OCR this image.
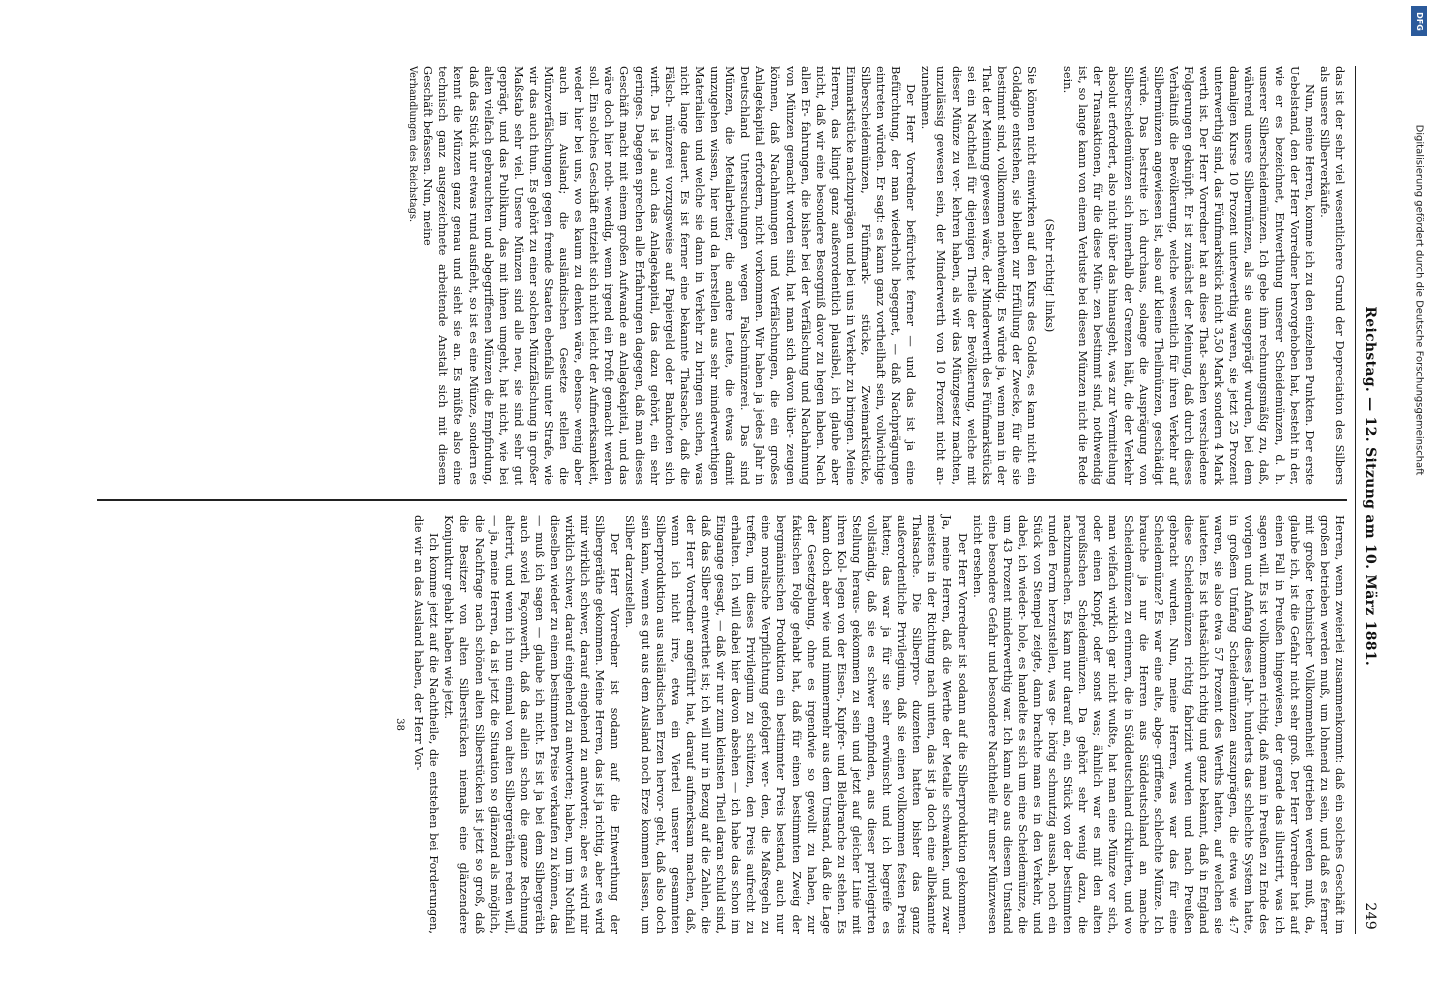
Reichstag. — 12. Sitzung am 10. März 1881.
249

das ist der sehr viel wesentlichere Grund der Depreciation des Silbers als unsere Silberverkäufe.

Nun, meine Herren, komme ich zu den einzelnen Punkten. Der erste Uebelstand, den der Herr Vorredner hervorgehoben hat, besteht in der, wie er es bezeichnet, Entwerthung unserer Scheidemünzen, d. h. unserer Silberscheidemünzen. Ich gebe ihm rechnungsmäßig zu, daß, während unsere Silbermünzen, als sie ausgeprägt wurden, bei dem damaligen Kurse 10 Prozent unterwerthig waren, sie jetzt 25 Prozent unterwerthig sind, das Fünfmarkstück nicht 3,50 Mark sondern 4 Mark werth ist. Der Herr Vorredner hat an diese That- sachen verschiedene Folgerungen geknüpft. Er ist zunächst der Meinung, daß durch dieses Verhältniß die Bevölkerung, welche wesentlich für ihren Verkehr auf Silbermünzen angewiesen ist, also auf kleine Theilmünzen, geschädigt würde. Das bestreite ich durchaus, solange die Ausprägung von Silberscheidemünzen sich innerhalb der Grenzen hält, die der Verkehr absolut erfordert, also nicht über das hinausgeht, was zur Vermittelung der Transaktionen, für die diese Mün- zen bestimmt sind, nothwendig ist, so lange kann von einem Verluste bei diesen Münzen nicht die Rede sein.

(Sehr richtig! links)

Sie können nicht einwirken auf den Kurs des Goldes, es kann nicht ein Goldagio entstehen, sie bleiben zur Erfüllung der Zwecke, für die sie bestimmt sind, vollkommen nothwendig. Es würde ja, wenn man in der That der Meinung gewesen wäre, der Minderwerth des Fünfmarkstücks sei ein Nachtheil für diejenigen Theile der Bevölkerung, welche mit dieser Münze zu ver- kehren haben, als wir das Münzgesetz machten, unzulässig gewesen sein, der Minderwerth von 10 Prozent nicht an- zunehmen.

Der Herr Vorredner befürchtet ferner — und das ist ja eine Befürchtung, der man wiederholt begegnet, — daß Nachprägungen eintreten würden. Er sagt: es kann ganz vortheilhaft sein, vollwichtige Silberscheidemünzen, Fünfmark- stücke, Zweimarkstücke, Einmarkstücke nachzuprägen und bei uns in Verkehr zu bringen. Meine Herren, das klingt ganz außerordentlich plausibel, ich glaube aber nicht, daß wir eine besondere Besorgniß davor zu hegen haben. Nach allen Er- fahrungen, die bisher bei der Verfälschung und Nachahmung von Münzen gemacht worden sind, hat man sich davon über- zeugen können, daß Nachahmungen und Verfälschungen, die ein großes Anlagekapital erfordern, nicht vorkommen. Wir haben ja jedes Jahr in Deutschland Untersuchungen wegen Falschmünzerei. Das sind Münzen, die Metallarbeiter, die andere Leute, die etwas damit umzugehen wissen, hier und da herstellen aus sehr minderwerthigen Materialien und welche sie dann in Verkehr zu bringen suchen, was nicht lange dauert. Es ist ferner eine bekannte Thatsache, daß die Fälsch- münzerei vorzugsweise auf Papiergeld oder Banknoten sich wirft. Da ist ja auch das Anlagekapital, das dazu gehört, ein sehr geringes. Dagegen sprechen alle Erfahrungen dagegen, daß man dieses Geschäft macht mit einem großen Aufwande an Anlagekapital, und das wäre doch hier noth- wendig, wenn irgend ein Profit gemacht werden soll. Ein solches Geschäft entzieht sich nicht leicht der Aufmerksamkeit, weder hier bei uns, wo es kaum zu denken wäre, ebenso- wenig aber auch im Ausland; die ausländischen Gesetze stellen die Münzverfälschungen gegen fremde Staaten ebenfalls unter Strafe, wie wir das auch thun. Es gehört zu einer solchen Münzfälschung in großer Maßstab sehr viel. Unsere Münzen sind alle neu, sie sind sehr gut geprägt, und das Publikum, das mit ihnen umgeht, hat nicht, wie bei alten vielfach gebrauchten und abgegriffenen Münzen die Empfindung, daß das Stück nur etwas rund ausfieht, so ist es eine Münze, sondern es kennt die Münzen ganz genau und sieht sie an. Es müßte also eine technisch ganz ausgezeichnete arbeitende Anstalt sich mit diesem Geschäft befassen. Nun, meine

Verhandlungen des Reichstags.

Herren, wenn zweierlei zusammenkommt: daß ein solches Geschäft im großen betrieben werden muß, um lohnend zu sein, und daß es ferner mit großer technischer Vollkommenheit getrieben werden muß, da, glaube ich, ist die Gefahr nicht sehr groß. Der Herr Vorredner hat auf einen Fall in Preußen hingewiesen, der gerade das illustrirt, was ich sagen will. Es ist vollkommen richtig, daß man in Preußen zu Ende des vorigen und Anfang dieses Jahr- hunderts das schlechte System hatte, in großem Umfang Scheidemünzen auszuprägen, die etwa wie 4:7 waren, sie also etwa 57 Prozent des Werths hatten, auf welchen sie lauteten. Es ist thatsächlich richtig und ganz bekannt, daß in England diese Scheidemünzen richtig fabrizirt wurden und nach Preußen gebracht wurden. Nun, meine Herren, was war das für eine Scheidemünze? Es war eine alte, abge- griffene, schlechte Münze. Ich brauche ja nur die Herren aus Süddeutschland an manche Scheidemünzen zu erinnern, die in Süddeutschland cirkulirten, und wo man vielfach wirklich gar nicht wußte, hat man eine Münze vor sich, oder einen Knopf, oder sonst was; ähnlich war es mit den alten preußischen Scheidemünzen. Da gehört sehr wenig dazu, die nachzumachen. Es kam nur darauf an, ein Stück von der bestimmten runden Form herzustellen, was ge- hörig schmutzig aussah, noch ein Stück von Stempel zeigte, dann brachte man es in den Verkehr, und dabei, ich wieder- hole, es handelte es sich um eine Scheidemünze, die um 43 Prozent minderwerthig war. Ich kann also aus diesem Umstand eine besondere Gefahr und besondere Nachtheile für unser Münzwesen nicht ersehen.

Der Herr Vorredner ist sodann auf die Silberproduktion gekommen. Ja, meine Herren, daß die Werthe der Metalle schwanken, und zwar meistens in der Richtung nach unten, das ist ja doch eine allbekannte Thatsache. Die Silberpro- duzenten hatten bisher das ganz außerordentliche Privilegium, daß sie einen vollkommen festen Preis hatten; das war ja für sie sehr erwünscht und ich begreife es vollständig, daß sie es schwer empfinden, aus dieser privilegirten Stellung heraus- gekommen zu sein und jetzt auf gleicher Linie mit ihren Kol- legen von der Eisen-, Kupfer- und Bleibranche zu stehen. Es kann doch aber wie und nimmermehr aus dem Umstand, daß die Lage der Gesetzgebung, ohne es irgendwie so gewollt zu haben, zur faktischen Folge gehabt hat, daß für einen bestimmten Zweig der bergmännischen Produktion ein bestimmter Preis bestand, auch nur eine moralische Verpflichtung gefolgert wer- den, die Maßregeln zu treffen, um dieses Privilegium zu schützen, den Preis aufrecht zu erhalten. Ich will dabei hier davon absehen — ich habe das schon im Eingange gesagt, — daß wir nur zum kleinsten Theil daran schuld sind, daß das Silber entwerthet ist; ich will nur in Bezug auf die Zahlen, die der Herr Vorredner angeführt hat, darauf aufmerksam machen, daß, wenn ich nicht irre, etwa ein Viertel unserer gesammten Silberproduktion aus ausländischen Erzen hervor- geht, daß also doch sein kann, wenn es gut aus dem Ausland noch Erze kommen lassen, um Silber darzustellen.

Der Herr Vorredner ist sodann auf die Entwerthung der Silbergeräthe gekommen. Meine Herren, das ist ja richtig, aber es wird mir wirklich schwer, darauf eingehend zu antworten; aber es wird mir wirklich schwer, darauf eingehend zu antworten; haben, um im Nothfall dieselben wieder zu einem bestimmten Preise verkaufen zu können, das — muß ich sagen — glaube ich nicht. Es ist ja bei dem Silbergeräth auch soviel Façonwerth, daß das allein schon die ganze Rechnung alterirt, und wenn ich nun einmal von alten Silbergeräthen reden will, — ja, meine Herren, da ist jetzt die Situation so glänzend als möglich, die Nachfrage nach schönen alten Silberstücken ist jetzt so groß, daß die Besitzer von alten Silberstücken niemals eine glänzendere Konjunktur gehabt haben wie jetzt.

Ich komme jetzt auf die Nachtheile, die entstehen bei Forderungen, die wir an das Ausland haben, der Herr Vor-

38
DFG
Digitalisierung gefördert durch die Deutsche Forschungsgemeinschaft
